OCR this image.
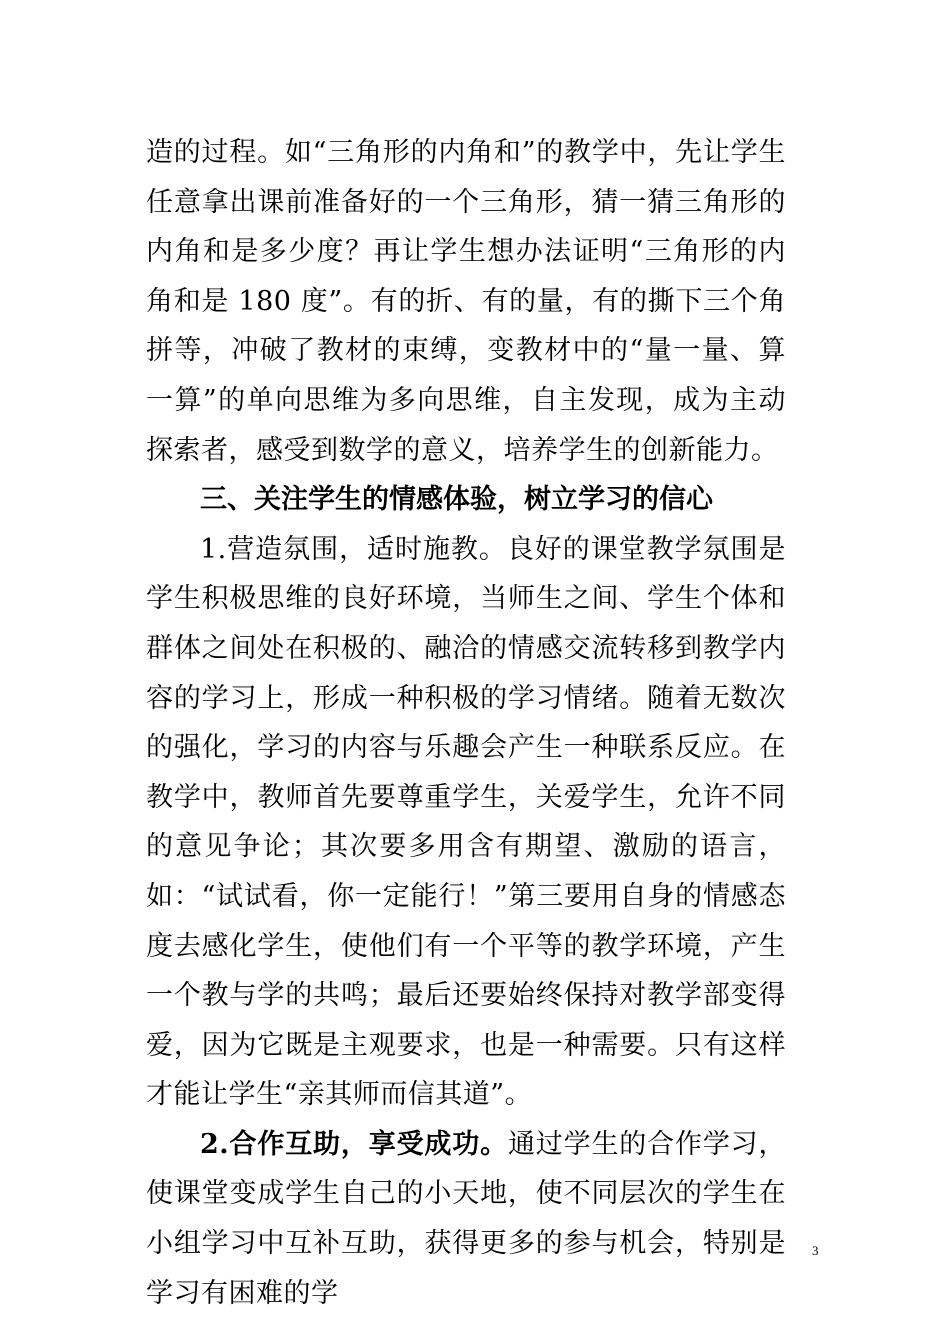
造的过程。如“三角形的内角和”的教学中，先让学生任意拿出课前准备好的一个三角形，猜一猜三角形的内角和是多少度？再让学生想办法证明“三角形的内角和是 180 度”。有的折、有的量，有的撕下三个角拼等，冲破了教材的束缚，变教材中的“量一量、算一算”的单向思维为多向思维，自主发现，成为主动探索者，感受到数学的意义，培养学生的创新能力。

三、关注学生的情感体验，树立学习的信心

1.营造氛围，适时施教。良好的课堂教学氛围是学生积极思维的良好环境，当师生之间、学生个体和群体之间处在积极的、融洽的情感交流转移到教学内容的学习上，形成一种积极的学习情绪。随着无数次的强化，学习的内容与乐趣会产生一种联系反应。在教学中，教师首先要尊重学生，关爱学生，允许不同的意见争论；其次要多用含有期望、激励的语言，如：“试试看，你一定能行！”第三要用自身的情感态度去感化学生，使他们有一个平等的教学环境，产生一个教与学的共鸣；最后还要始终保持对教学部变得爱，因为它既是主观要求，也是一种需要。只有这样才能让学生“亲其师而信其道”。

2.合作互助，享受成功。通过学生的合作学习，使课堂变成学生自己的小天地，使不同层次的学生在小组学习中互补互助，获得更多的参与机会，特别是学习有困难的学

3
